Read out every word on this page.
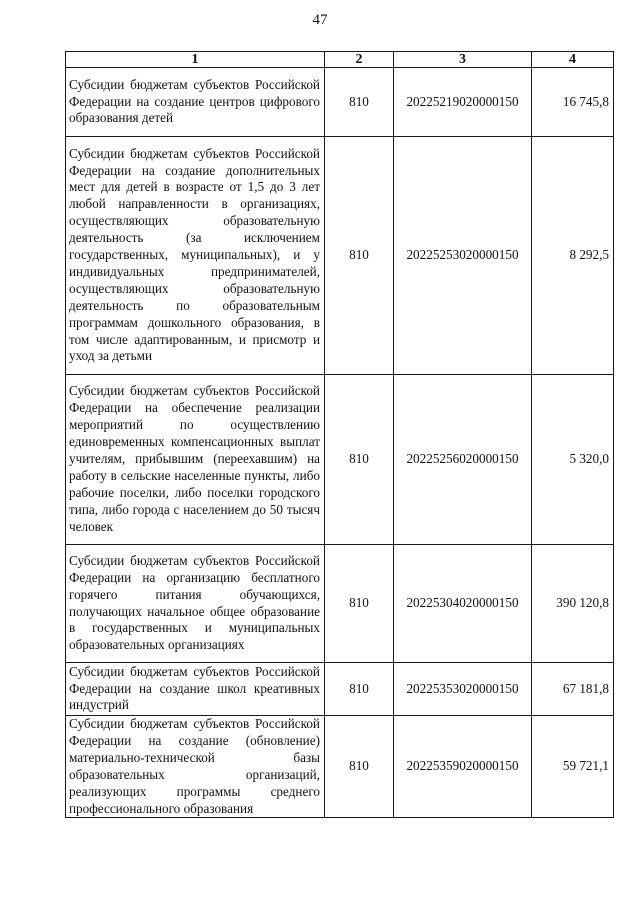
47
1	2	3	4
Субсидии бюджетам субъектов Российской Федерации на создание центров цифрового образования детей	810	20225219020000150	16 745,8
Субсидии бюджетам субъектов Российской Федерации на создание дополнительных мест для детей в возрасте от 1,5 до 3 лет любой направленности в организациях, осуществляющих образовательную деятельность (за исключением государственных, муниципальных), и у индивидуальных предпринимателей, осуществляющих образовательную деятельность по образовательным программам дошкольного образования, в том числе адаптированным, и присмотр и уход за детьми	810	20225253020000150	8 292,5
Субсидии бюджетам субъектов Российской Федерации на обеспечение реализации мероприятий по осуществлению единовременных компенсационных выплат учителям, прибывшим (переехавшим) на работу в сельские населенные пункты, либо рабочие поселки, либо поселки городского типа, либо города с населением до 50 тысяч человек	810	20225256020000150	5 320,0
Субсидии бюджетам субъектов Российской Федерации на организацию бесплатного горячего питания обучающихся, получающих начальное общее образование в государственных и муниципальных образовательных организациях	810	20225304020000150	390 120,8
Субсидии бюджетам субъектов Российской Федерации на создание школ креативных индустрий	810	20225353020000150	67 181,8
Субсидии бюджетам субъектов Российской Федерации на создание (обновление) материально-технической базы образовательных организаций, реализующих программы среднего профессионального образования	810	20225359020000150	59 721,1
